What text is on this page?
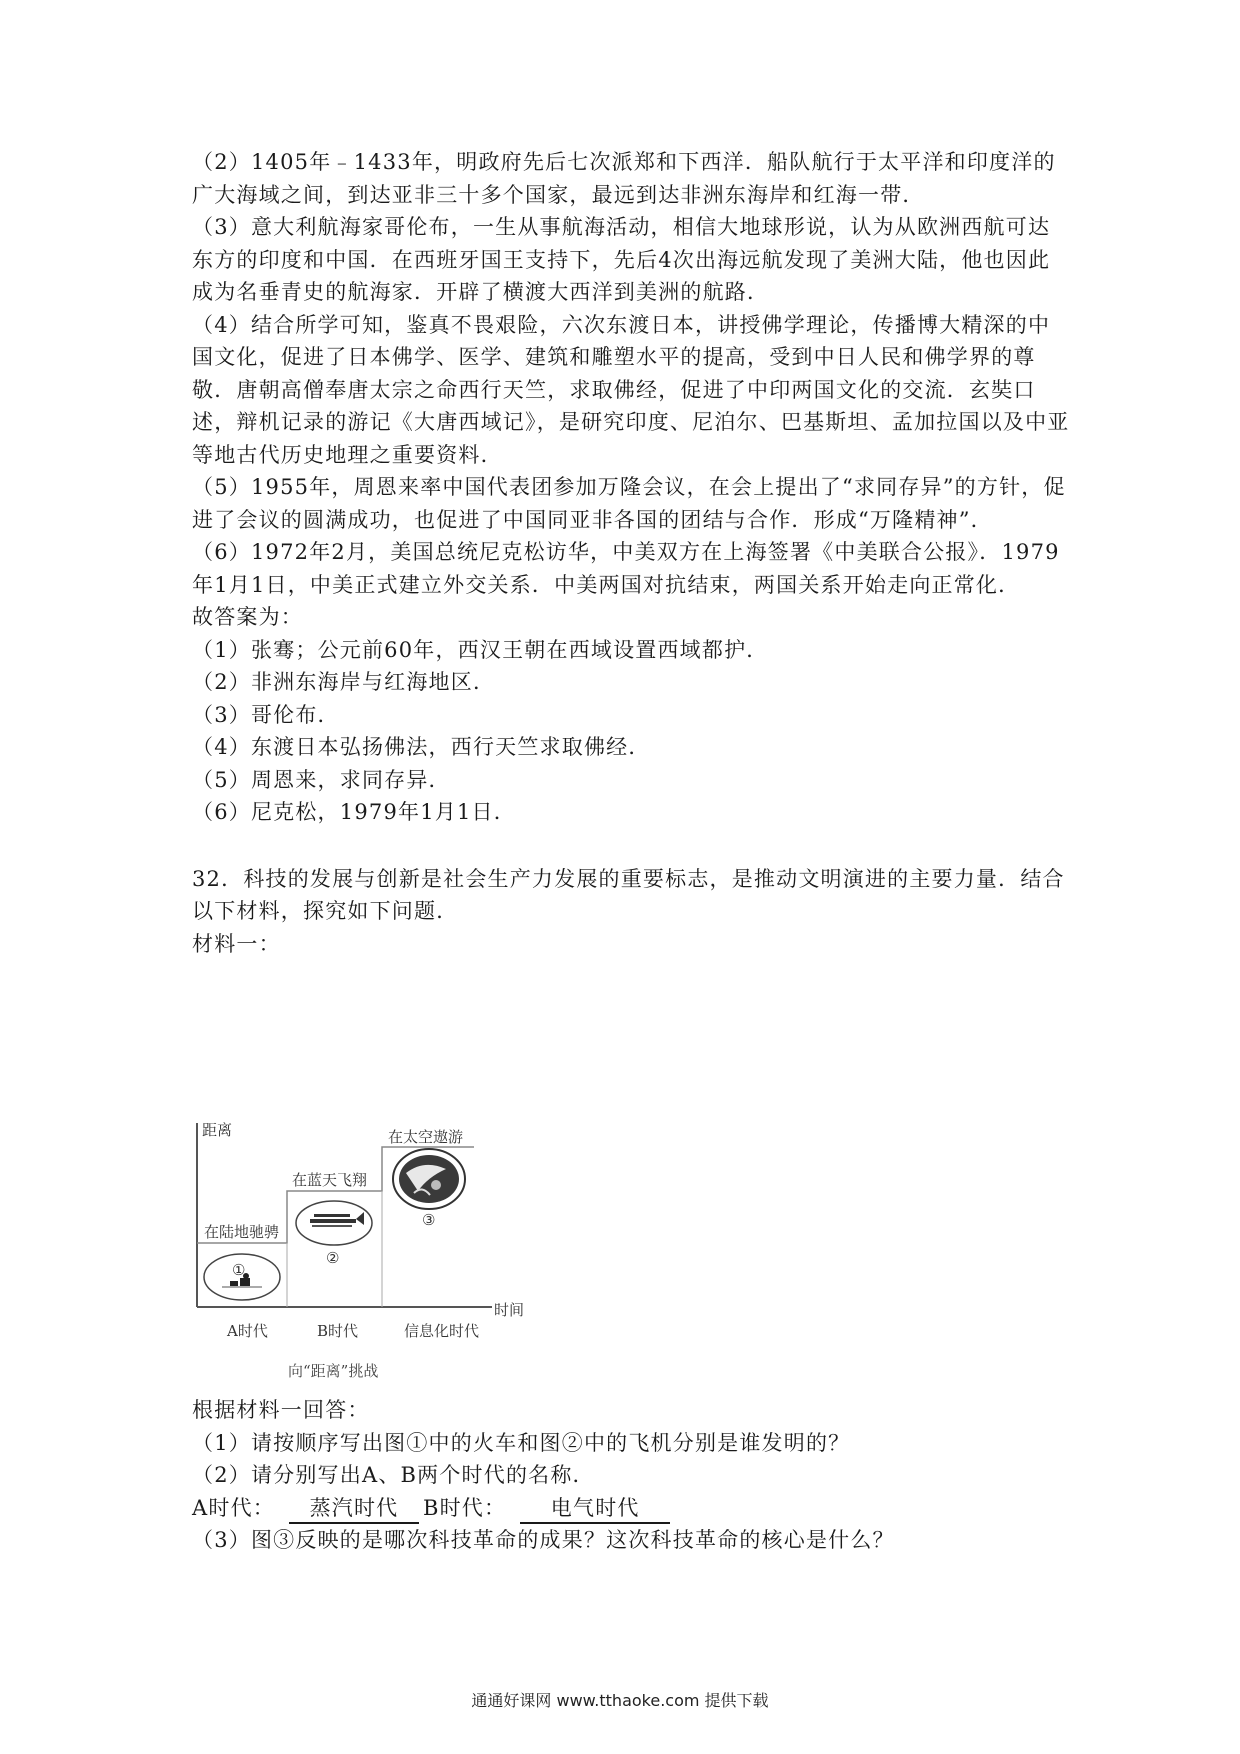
（2）1405年﹣1433年，明政府先后七次派郑和下西洋．船队航行于太平洋和印度洋的广大海域之间，到达亚非三十多个国家，最远到达非洲东海岸和红海一带．

（3）意大利航海家哥伦布，一生从事航海活动，相信大地球形说，认为从欧洲西航可达东方的印度和中国．在西班牙国王支持下，先后4次出海远航发现了美洲大陆，他也因此成为名垂青史的航海家．开辟了横渡大西洋到美洲的航路．

（4）结合所学可知，鉴真不畏艰险，六次东渡日本，讲授佛学理论，传播博大精深的中国文化，促进了日本佛学、医学、建筑和雕塑水平的提高，受到中日人民和佛学界的尊敬．唐朝高僧奉唐太宗之命西行天竺，求取佛经，促进了中印两国文化的交流．玄奘口述，辩机记录的游记《大唐西域记》，是研究印度、尼泊尔、巴基斯坦、孟加拉国以及中亚等地古代历史地理之重要资料．

（5）1955年，周恩来率中国代表团参加万隆会议，在会上提出了“求同存异”的方针，促进了会议的圆满成功，也促进了中国同亚非各国的团结与合作．形成“万隆精神”．

（6）1972年2月，美国总统尼克松访华，中美双方在上海签署《中美联合公报》．1979年1月1日，中美正式建立外交关系．中美两国对抗结束，两国关系开始走向正常化．

故答案为：

（1）张骞；公元前60年，西汉王朝在西域设置西域都护．

（2）非洲东海岸与红海地区．

（3）哥伦布．

（4）东渡日本弘扬佛法，西行天竺求取佛经．

（5）周恩来，求同存异．

（6）尼克松，1979年1月1日．

32．科技的发展与创新是社会生产力发展的重要标志，是推动文明演进的主要力量．结合以下材料，探究如下问题．

材料一：

距离
时间
在陆地驰骋
在蓝天飞翔
在太空遨游
①
②
③
A时代	B时代	信息化时代
向“距离”挑战

根据材料一回答：

（1）请按顺序写出图①中的火车和图②中的飞机分别是谁发明的？

（2）请分别写出A、B两个时代的名称．

A时代： 蒸汽时代 B时代： 电气时代

（3）图③反映的是哪次科技革命的成果？这次科技革命的核心是什么？

通通好课网 www.tthaoke.com 提供下载
